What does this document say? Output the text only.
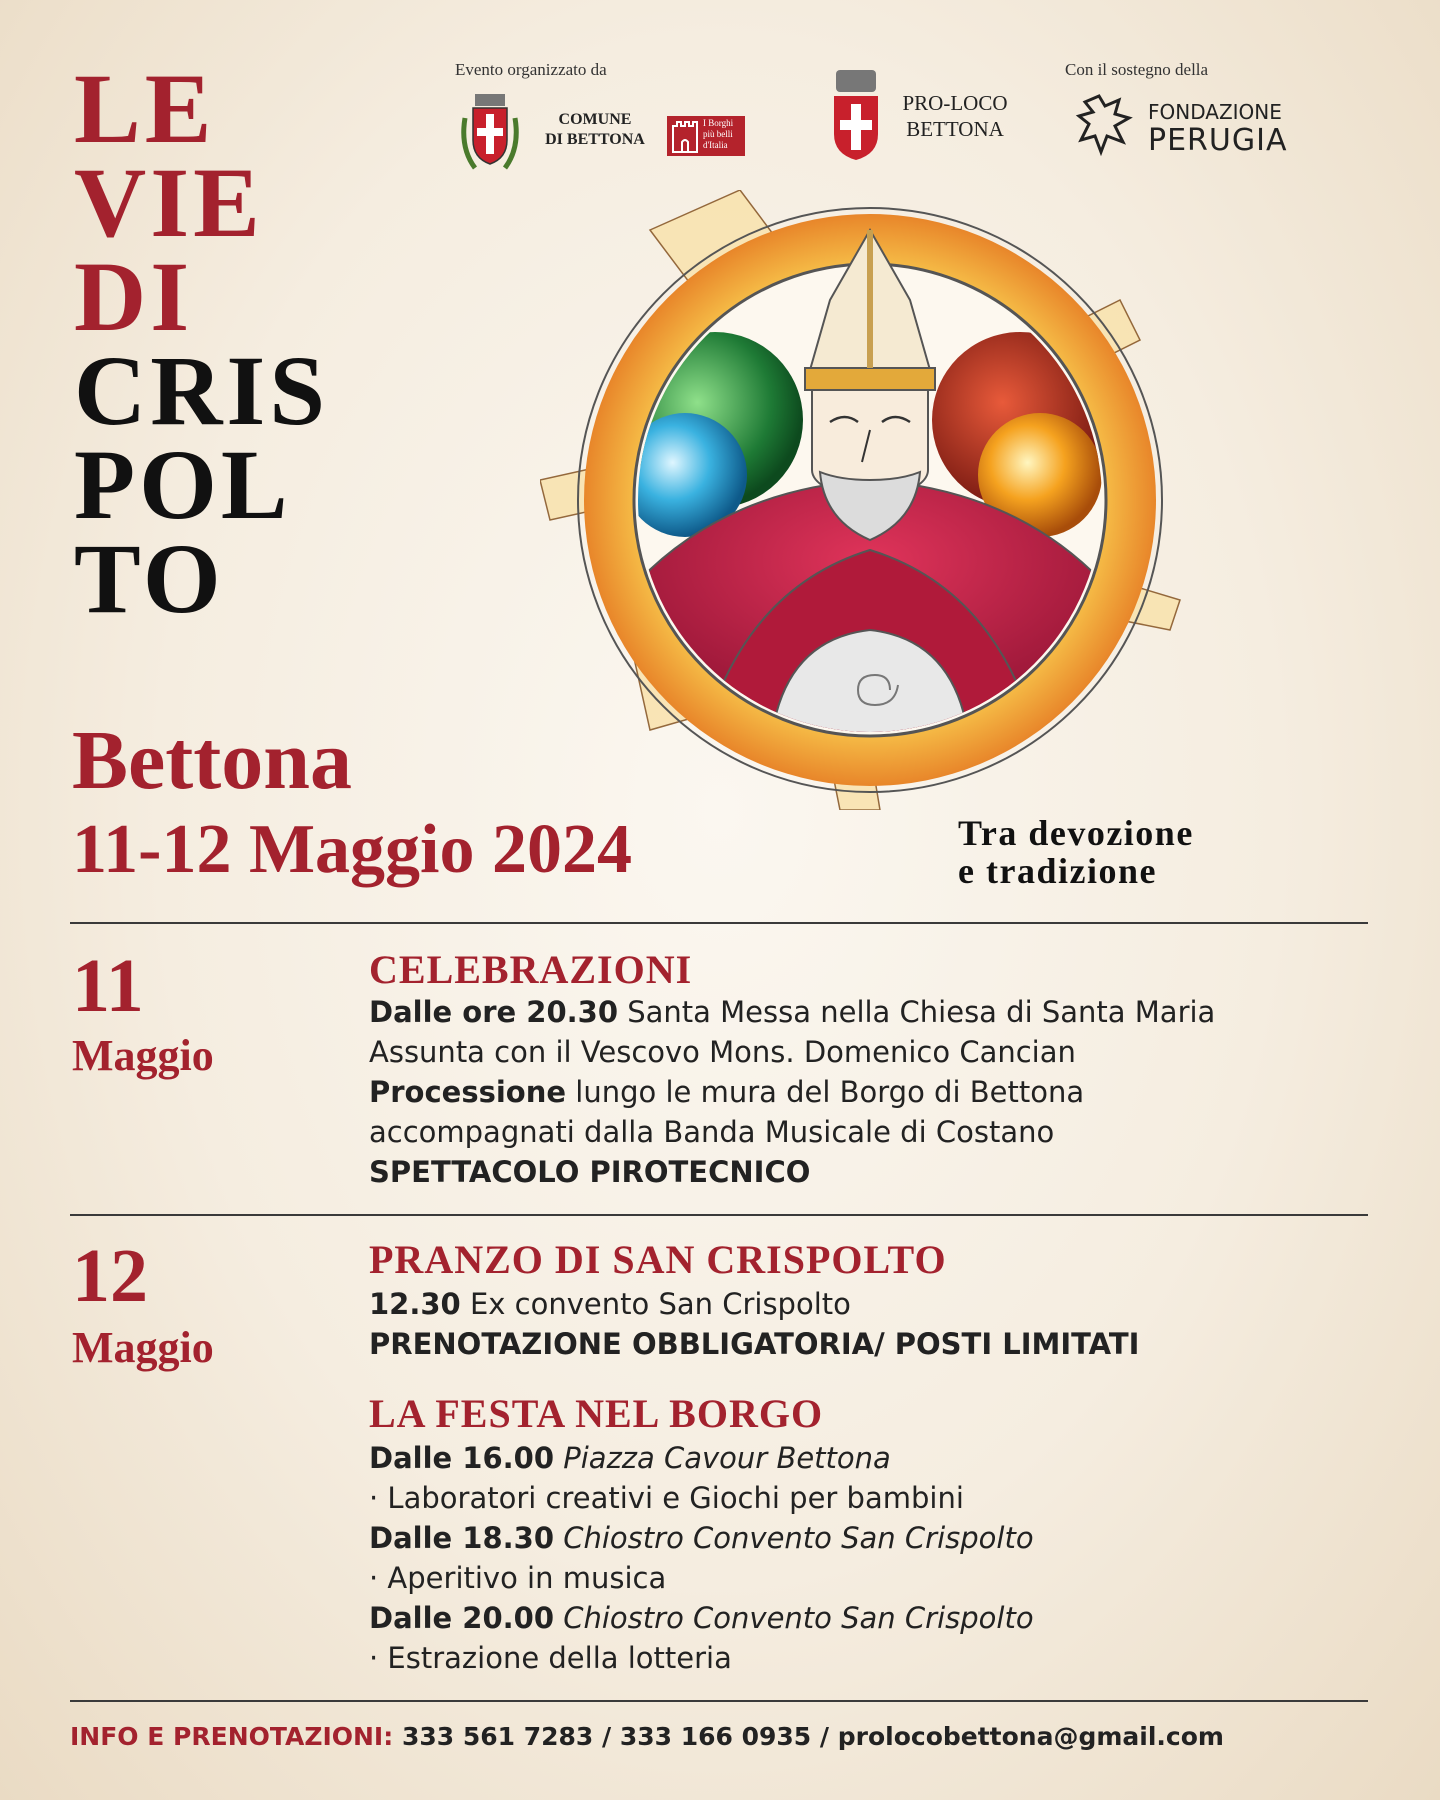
Evento organizzato da
COMUNE
DI BETTONA
I Borghi
più belli
d'Italia
PRO-LOCO
BETTONA
Con il sostegno della
FONDAZIONE
PERUGIA
LE
VIE
DI
CRIS
POL
TO
Bettona
11-12 Maggio 2024	Tra devozione
e tradizione
11
Maggio
CELEBRAZIONI
Dalle ore 20.30 Santa Messa nella Chiesa di Santa Maria
Assunta con il Vescovo Mons. Domenico Cancian
Processione lungo le mura del Borgo di Bettona
accompagnati dalla Banda Musicale di Costano
SPETTACOLO PIROTECNICO
12
Maggio
PRANZO DI SAN CRISPOLTO
12.30 Ex convento San Crispolto
PRENOTAZIONE OBBLIGATORIA/ POSTI LIMITATI
LA FESTA NEL BORGO
Dalle 16.00 Piazza Cavour Bettona
· Laboratori creativi e Giochi per bambini
Dalle 18.30 Chiostro Convento San Crispolto
· Aperitivo in musica
Dalle 20.00 Chiostro Convento San Crispolto
· Estrazione della lotteria
INFO E PRENOTAZIONI: 333 561 7283 / 333 166 0935 / prolocobettona@gmail.com
